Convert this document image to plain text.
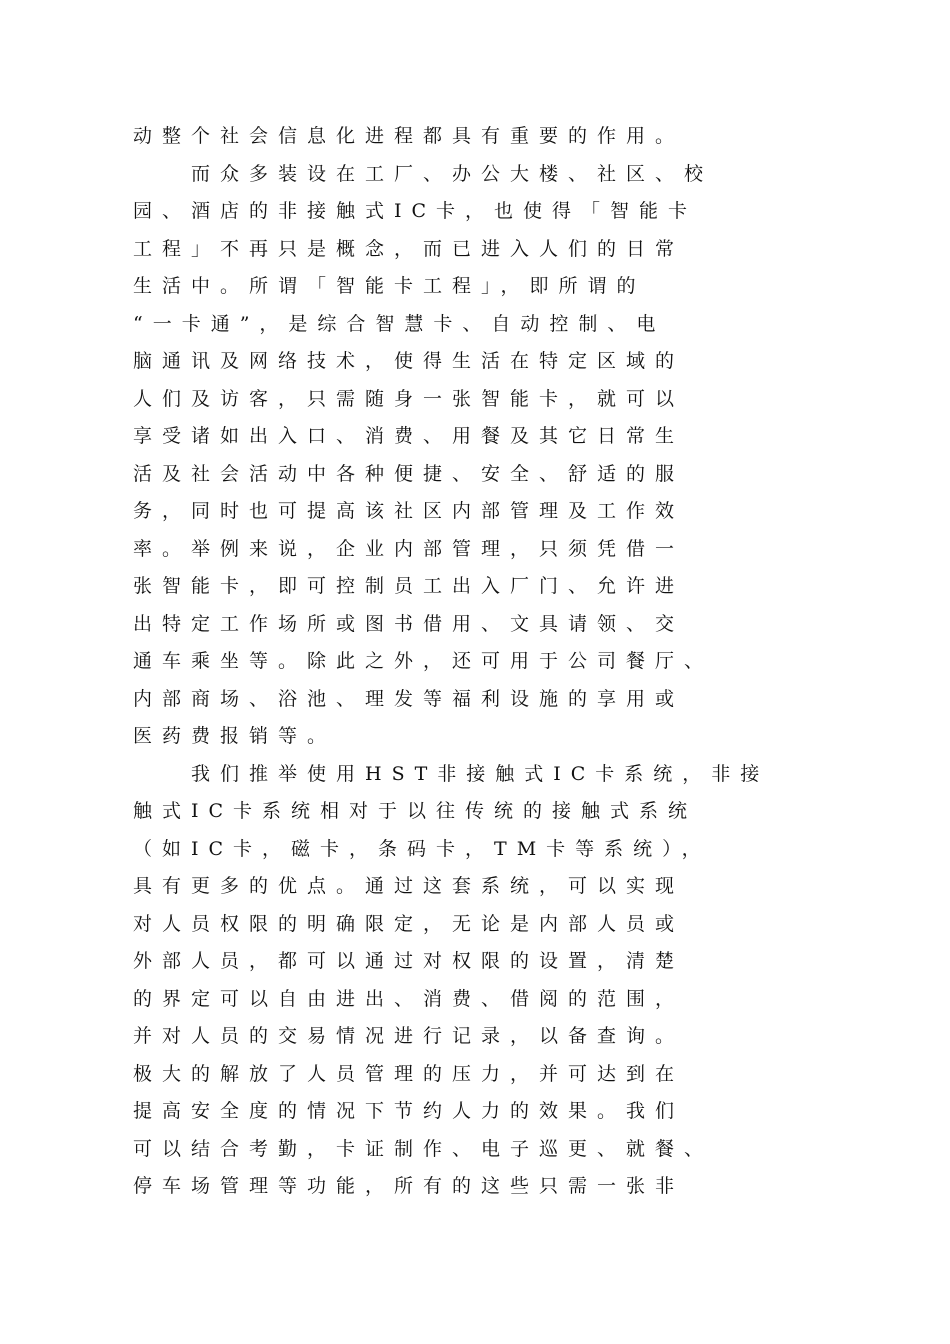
动整个社会信息化进程都具有重要的作用。
　　而众多装设在工厂、办公大楼、社区、校
园、酒店的非接触式IC卡，也使得「智能卡
工程」不再只是概念，而已进入人们的日常
生活中。所谓「智能卡工程」，即所谓的
“一卡通”，是综合智慧卡、自动控制、电
脑通讯及网络技术，使得生活在特定区域的
人们及访客，只需随身一张智能卡，就可以
享受诸如出入口、消费、用餐及其它日常生
活及社会活动中各种便捷、安全、舒适的服
务，同时也可提高该社区内部管理及工作效
率。举例来说，企业内部管理，只须凭借一
张智能卡，即可控制员工出入厂门、允许进
出特定工作场所或图书借用、文具请领、交
通车乘坐等。除此之外，还可用于公司餐厅、
内部商场、浴池、理发等福利设施的享用或
医药费报销等。
　　我们推举使用HST非接触式IC卡系统，非接
触式IC卡系统相对于以往传统的接触式系统
（如IC卡，磁卡，条码卡，TM卡等系统），
具有更多的优点。通过这套系统，可以实现
对人员权限的明确限定，无论是内部人员或
外部人员，都可以通过对权限的设置，清楚
的界定可以自由进出、消费、借阅的范围，
并对人员的交易情况进行记录，以备查询。
极大的解放了人员管理的压力，并可达到在
提高安全度的情况下节约人力的效果。我们
可以结合考勤，卡证制作、电子巡更、就餐、
停车场管理等功能，所有的这些只需一张非
